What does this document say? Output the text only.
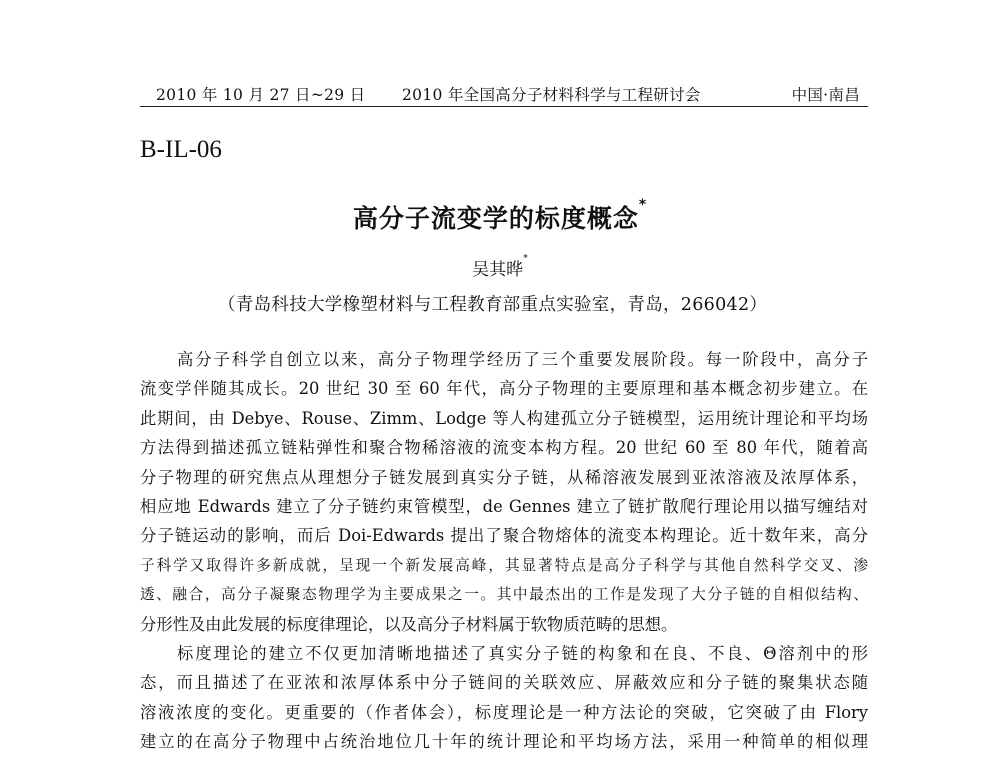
2010 年 10 月 27 日~29 日 2010 年全国高分子材料科学与工程研讨会	中国·南昌
B-IL-06
高分子流变学的标度概念*
吴其晔*
（青岛科技大学橡塑材料与工程教育部重点实验室，青岛，266042）
高分子科学自创立以来，高分子物理学经历了三个重要发展阶段。每一阶段中，高分子
流变学伴随其成长。20 世纪 30 至 60 年代，高分子物理的主要原理和基本概念初步建立。在
此期间，由 Debye、Rouse、Zimm、Lodge 等人构建孤立分子链模型，运用统计理论和平均场
方法得到描述孤立链粘弹性和聚合物稀溶液的流变本构方程。20 世纪 60 至 80 年代，随着高
分子物理的研究焦点从理想分子链发展到真实分子链，从稀溶液发展到亚浓溶液及浓厚体系，
相应地 Edwards 建立了分子链约束管模型，de Gennes 建立了链扩散爬行理论用以描写缠结对
分子链运动的影响，而后 Doi-Edwards 提出了聚合物熔体的流变本构理论。近十数年来，高分
子科学又取得许多新成就，呈现一个新发展高峰，其显著特点是高分子科学与其他自然科学交叉、渗
透、融合，高分子凝聚态物理学为主要成果之一。其中最杰出的工作是发现了大分子链的自相似结构、
分形性及由此发展的标度律理论，以及高分子材料属于软物质范畴的思想。
标度理论的建立不仅更加清晰地描述了真实分子链的构象和在良、不良、Θ溶剂中的形
态，而且描述了在亚浓和浓厚体系中分子链间的关联效应、屏蔽效应和分子链的聚集状态随
溶液浓度的变化。更重要的（作者体会），标度理论是一种方法论的突破，它突破了由 Flory
建立的在高分子物理中占统治地位几十年的统计理论和平均场方法，采用一种简单的相似理
